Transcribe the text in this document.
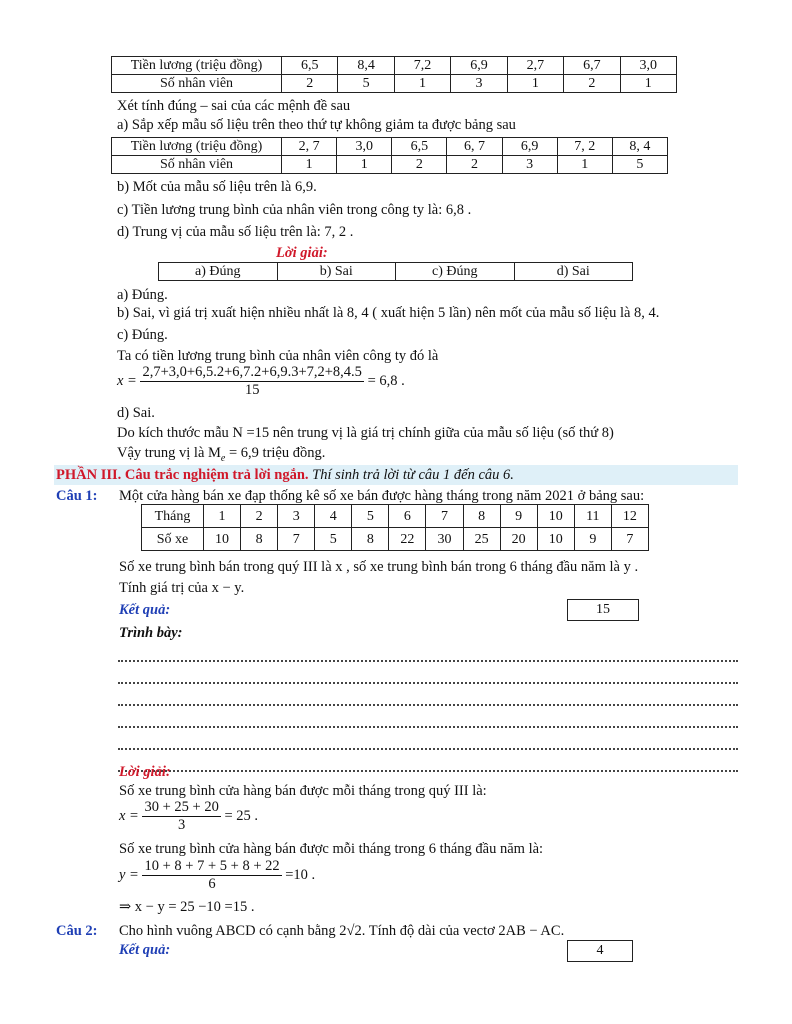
Tiền lương (triệu đồng)	6,5	8,4	7,2	6,9	2,7	6,7	3,0
Số nhân viên	2	5	1	3	1	2	1
Xét tính đúng – sai của các mệnh đề sau
a) Sắp xếp mẫu số liệu trên theo thứ tự không giảm ta được bảng sau
Tiền lương (triệu đồng)	2, 7	3,0	6,5	6, 7	6,9	7, 2	8, 4
Số nhân viên	1	1	2	2	3	1	5
b) Mốt của mẫu số liệu trên là 6,9.
c) Tiền lương trung bình của nhân viên trong công ty là: 6,8 .
d) Trung vị của mẫu số liệu trên là: 7, 2 .
Lời giải:
a) Đúng	b) Sai	c) Đúng	d) Sai
a) Đúng.
b) Sai, vì giá trị xuất hiện nhiều nhất là 8, 4 ( xuất hiện 5 lần) nên mốt của mẫu số liệu là 8, 4.
c) Đúng.
Ta có tiền lương trung bình của nhân viên công ty đó là
$x = \frac{2,7+3,0+6,5.2+6,7.2+6,9.3+7,2+8,4.5}{15} = 6,8$ .
d) Sai.
Do kích thước mẫu N =15 nên trung vị là giá trị chính giữa của mẫu số liệu (số thứ 8)
Vậy trung vị là $M_e = 6,9$ triệu đồng.
PHẦN III. Câu trắc nghiệm trả lời ngắn. Thí sinh trả lời từ câu 1 đến câu 6.
Câu 1: Một cửa hàng bán xe đạp thống kê số xe bán được hàng tháng trong năm 2021 ở bảng sau:
Tháng	1	2	3	4	5	6	7	8	9	10	11	12
Số xe	10	8	7	5	8	22	30	25	20	10	9	7
Số xe trung bình bán trong quý III là x , số xe trung bình bán trong 6 tháng đầu năm là y .
Tính giá trị của x − y.
Kết quả:	15
Trình bày:
Lời giải:
Số xe trung bình cửa hàng bán được mỗi tháng trong quý III là:
$x = \frac{30 + 25 + 20}{3} = 25$ .
Số xe trung bình cửa hàng bán được mỗi tháng trong 6 tháng đầu năm là:
$y = \frac{10 + 8 + 7 + 5 + 8 + 22}{6} =10$ .
⇒ x − y = 25 −10 =15 .
Câu 2: Cho hình vuông ABCD có cạnh bằng 2√2. Tính độ dài của vectơ 2AB − AC.
Kết quả:	4
